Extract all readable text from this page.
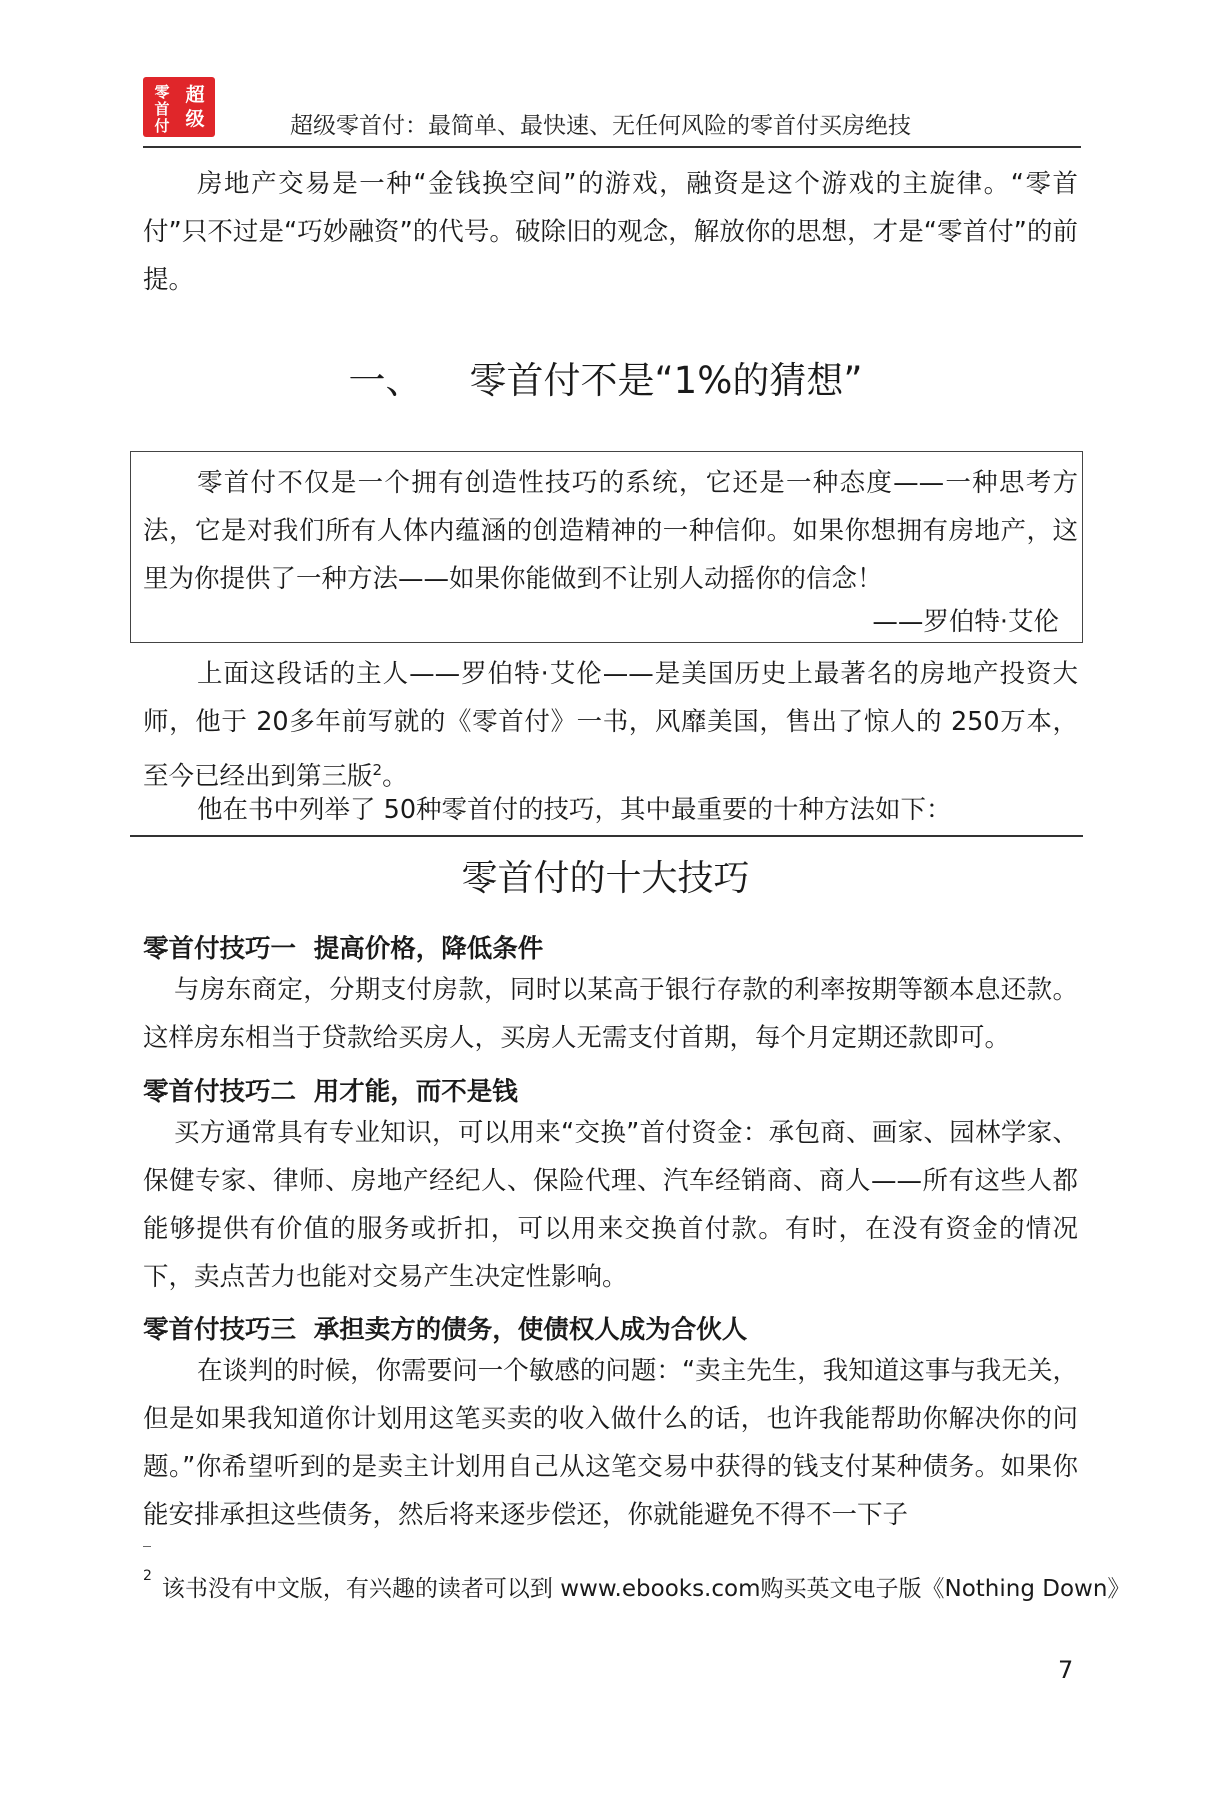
超
级
零
首
付	超级零首付：最简单、最快速、无任何风险的零首付买房绝技

房地产交易是一种“金钱换空间”的游戏，融资是这个游戏的主旋律。“零首付”只不过是“巧妙融资”的代号。破除旧的观念，解放你的思想，才是“零首付”的前提。

一、    零首付不是“1%的猜想”

零首付不仅是一个拥有创造性技巧的系统，它还是一种态度——一种思考方法，它是对我们所有人体内蕴涵的创造精神的一种信仰。如果你想拥有房地产，这里为你提供了一种方法——如果你能做到不让别人动摇你的信念！

——罗伯特·艾伦

上面这段话的主人——罗伯特·艾伦——是美国历史上最著名的房地产投资大师，他于 20多年前写就的《零首付》一书，风靡美国，售出了惊人的 250万本，至今已经出到第三版$^2$。

他在书中列举了 50种零首付的技巧，其中最重要的十种方法如下：

零首付的十大技巧

零首付技巧一  提高价格，降低条件

与房东商定，分期支付房款，同时以某高于银行存款的利率按期等额本息还款。这样房东相当于贷款给买房人，买房人无需支付首期，每个月定期还款即可。

零首付技巧二  用才能，而不是钱

买方通常具有专业知识，可以用来“交换”首付资金：承包商、画家、园林学家、保健专家、律师、房地产经纪人、保险代理、汽车经销商、商人——所有这些人都能够提供有价值的服务或折扣，可以用来交换首付款。有时，在没有资金的情况下，卖点苦力也能对交易产生决定性影响。

零首付技巧三  承担卖方的债务，使债权人成为合伙人

在谈判的时候，你需要问一个敏感的问题：“卖主先生，我知道这事与我无关，但是如果我知道你计划用这笔买卖的收入做什么的话，也许我能帮助你解决你的问题。”你希望听到的是卖主计划用自己从这笔交易中获得的钱支付某种债务。如果你能安排承担这些债务，然后将来逐步偿还，你就能避免不得不一下子

$^2$ 该书没有中文版，有兴趣的读者可以到 www.ebooks.com购买英文电子版《Nothing Down》

7
